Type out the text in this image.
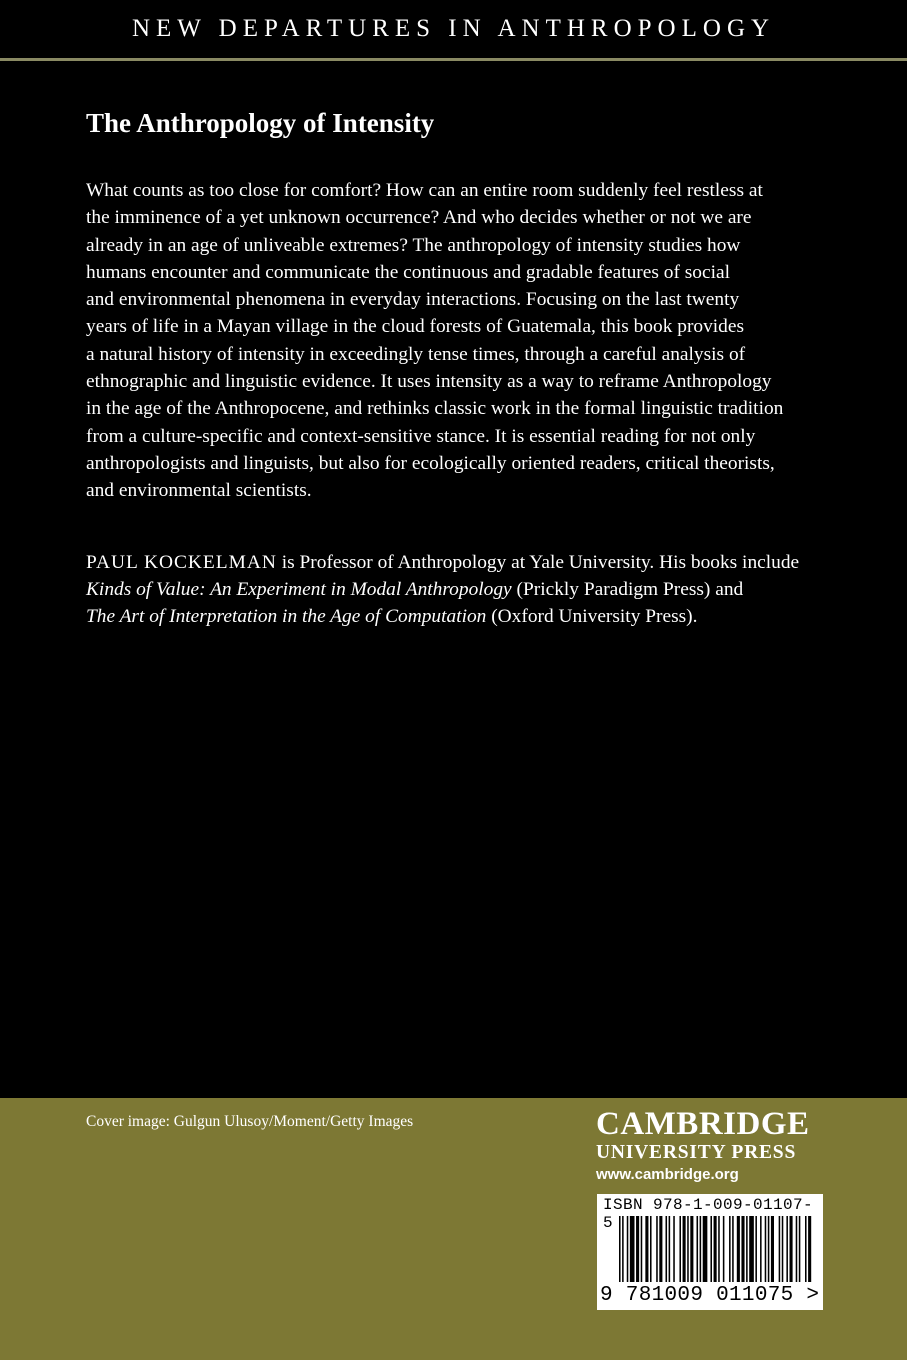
NEW DEPARTURES IN ANTHROPOLOGY
The Anthropology of Intensity

What counts as too close for comfort? How can an entire room suddenly feel restless at
the imminence of a yet unknown occurrence? And who decides whether or not we are
already in an age of unliveable extremes? The anthropology of intensity studies how
humans encounter and communicate the continuous and gradable features of social
and environmental phenomena in everyday interactions. Focusing on the last twenty
years of life in a Mayan village in the cloud forests of Guatemala, this book provides
a natural history of intensity in exceedingly tense times, through a careful analysis of
ethnographic and linguistic evidence. It uses intensity as a way to reframe Anthropology
in the age of the Anthropocene, and rethinks classic work in the formal linguistic tradition
from a culture-specific and context-sensitive stance. It is essential reading for not only
anthropologists and linguists, but also for ecologically oriented readers, critical theorists,
and environmental scientists.

PAUL KOCKELMAN is Professor of Anthropology at Yale University. His books include
Kinds of Value: An Experiment in Modal Anthropology (Prickly Paradigm Press) and
The Art of Interpretation in the Age of Computation (Oxford University Press).

Cover image: Gulgun Ulusoy/Moment/Getty Images	CAMBRIDGE
UNIVERSITY PRESS
www.cambridge.org
ISBN 978-1-009-01107-5
9 781009 011075 >
